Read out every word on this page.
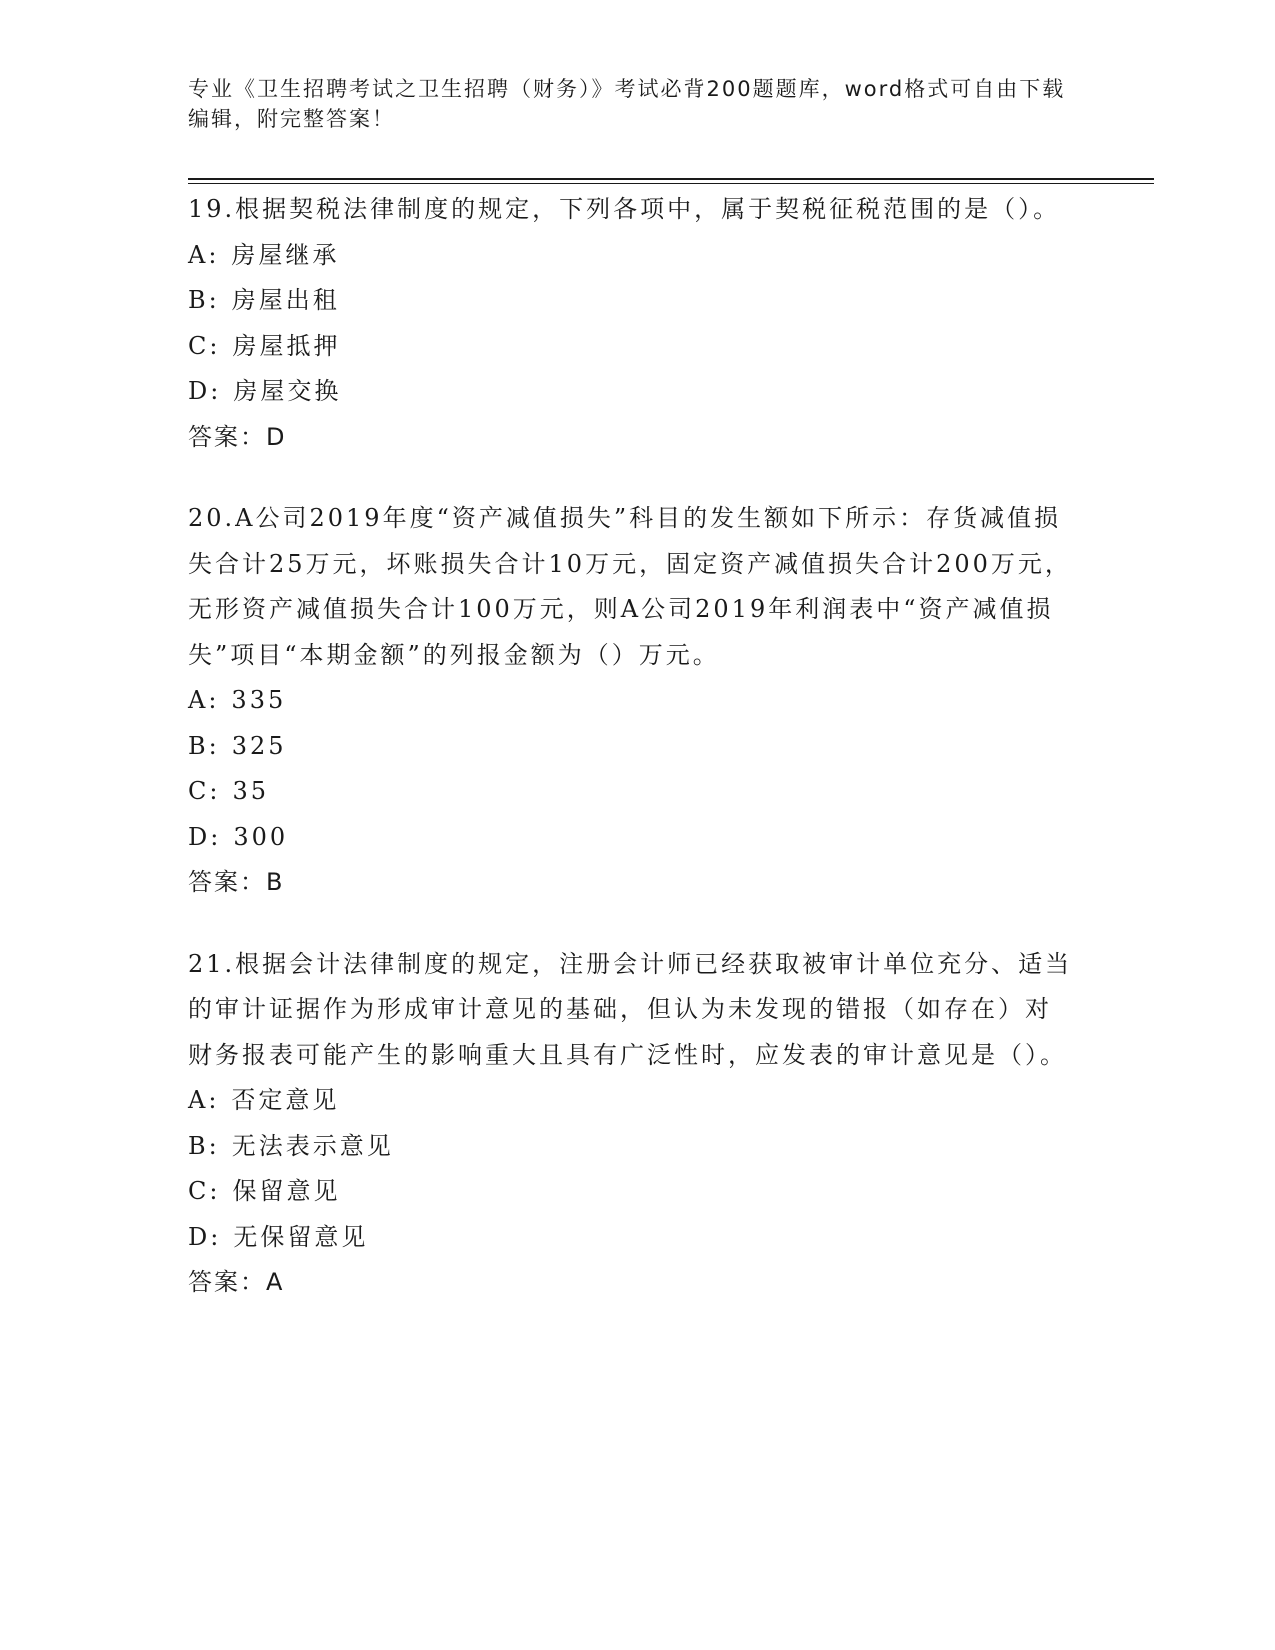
专业《卫生招聘考试之卫生招聘（财务）》考试必背200题题库，word格式可自由下载编辑，附完整答案！

19.根据契税法律制度的规定，下列各项中，属于契税征税范围的是（）。

A: 房屋继承

B: 房屋出租

C: 房屋抵押

D: 房屋交换

答案：D

20.A公司2019年度“资产减值损失”科目的发生额如下所示：存货减值损失合计25万元，坏账损失合计10万元，固定资产减值损失合计200万元，无形资产减值损失合计100万元，则A公司2019年利润表中“资产减值损失”项目“本期金额”的列报金额为（）万元。

A: 335

B: 325

C: 35

D: 300

答案：B

21.根据会计法律制度的规定，注册会计师已经获取被审计单位充分、适当的审计证据作为形成审计意见的基础，但认为未发现的错报（如存在）对财务报表可能产生的影响重大且具有广泛性时，应发表的审计意见是（）。

A: 否定意见

B: 无法表示意见

C: 保留意见

D: 无保留意见

答案：A
